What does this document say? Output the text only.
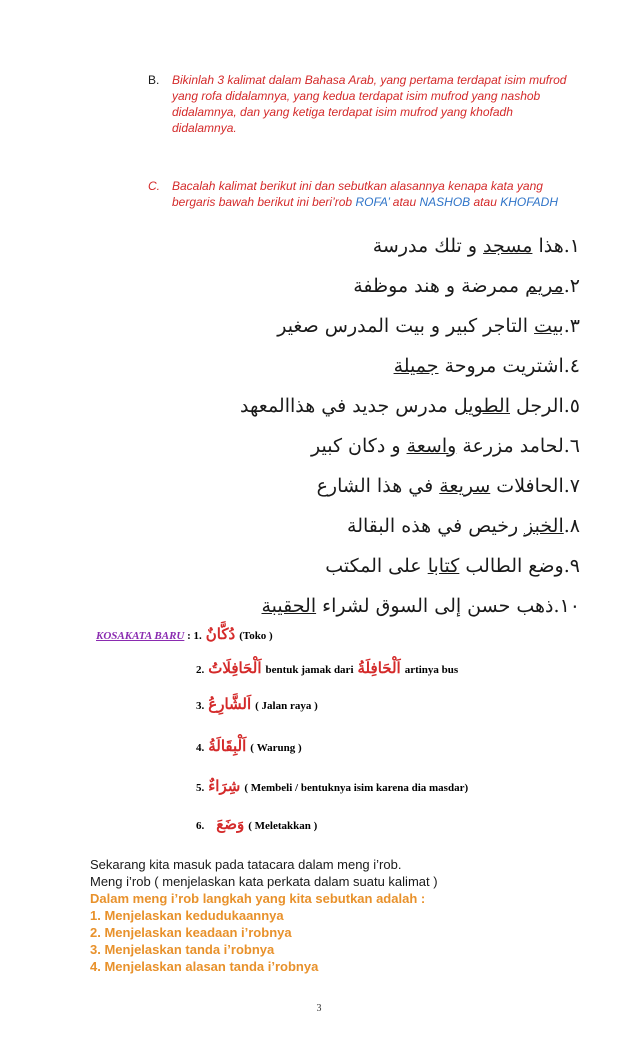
B.	Bikinlah 3 kalimat dalam Bahasa Arab, yang pertama terdapat isim mufrod yang rofa didalamnya, yang kedua terdapat isim mufrod yang nashob didalamnya, dan yang ketiga terdapat isim mufrod yang khofadh didalamnya.
C.	Bacalah kalimat berikut ini dan sebutkan alasannya kenapa kata yang bergaris bawah berikut ini beri’rob ROFA’ atau NASHOB atau KHOFADH
١.هذا مسجد و تلك مدرسة
٢.مريم ممرضة و هند موظفة
٣.بيت التاجر كبير و بيت المدرس صغير
٤.اشتريت مروحة جميلة
٥.الرجل الطويل مدرس جديد في هذاالمعهد
٦.لحامد مزرعة واسعة و دكان كبير
٧.الحافلات سريعة في هذا الشارع
٨.الخبز رخيص في هذه البقالة
٩.وضع الطالب كتابا على المكتب
١٠.ذهب حسن إلى السوق لشراء الحقيبة
KOSAKATA BARU : 1. دُكَّانٌ (Toko )
2. اَلْحَافِلَاتُ bentuk jamak dari اَلْحَافِلَةُ artinya bus
3. اَلشَّارِعُ ( Jalan raya )
4. اَلْبِقَالَةُ ( Warung )
5. شِرَاءٌ ( Membeli / bentuknya isim karena dia masdar)
6. وَضَعَ ( Meletakkan )
Sekarang kita masuk pada tatacara dalam meng i’rob.
Meng i’rob ( menjelaskan kata perkata dalam suatu kalimat )
Dalam meng i’rob langkah yang kita sebutkan adalah :
1. Menjelaskan kedudukaannya
2. Menjelaskan keadaan i’robnya
3. Menjelaskan tanda i’robnya
4. Menjelaskan alasan tanda i’robnya
3
